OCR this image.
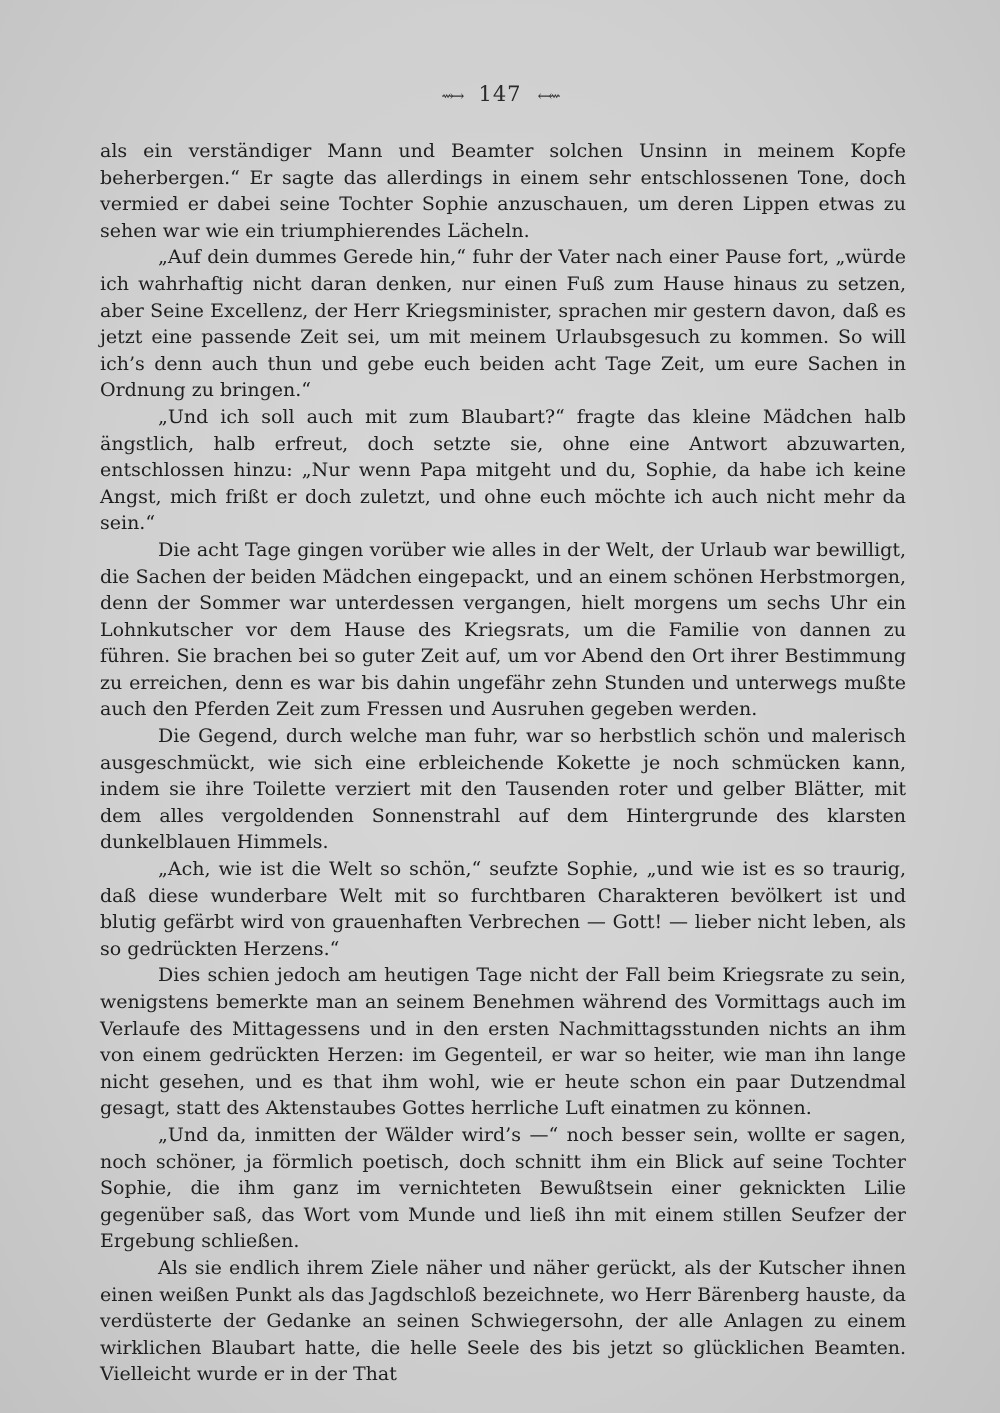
⇝→ 147 ←⇜

als ein verständiger Mann und Beamter solchen Unsinn in meinem Kopfe beherbergen.“ Er sagte das allerdings in einem sehr entschlossenen Tone, doch vermied er dabei seine Tochter Sophie anzuschauen, um deren Lippen etwas zu sehen war wie ein triumphierendes Lächeln.

„Auf dein dummes Gerede hin,“ fuhr der Vater nach einer Pause fort, „würde ich wahrhaftig nicht daran denken, nur einen Fuß zum Hause hinaus zu setzen, aber Seine Excellenz, der Herr Kriegsminister, sprachen mir gestern davon, daß es jetzt eine passende Zeit sei, um mit meinem Urlaubsgesuch zu kommen. So will ich’s denn auch thun und gebe euch beiden acht Tage Zeit, um eure Sachen in Ordnung zu bringen.“

„Und ich soll auch mit zum Blaubart?“ fragte das kleine Mädchen halb ängstlich, halb erfreut, doch setzte sie, ohne eine Antwort abzuwarten, entschlossen hinzu: „Nur wenn Papa mitgeht und du, Sophie, da habe ich keine Angst, mich frißt er doch zuletzt, und ohne euch möchte ich auch nicht mehr da sein.“

Die acht Tage gingen vorüber wie alles in der Welt, der Urlaub war bewilligt, die Sachen der beiden Mädchen eingepackt, und an einem schönen Herbstmorgen, denn der Sommer war unterdessen vergangen, hielt morgens um sechs Uhr ein Lohnkutscher vor dem Hause des Kriegsrats, um die Familie von dannen zu führen. Sie brachen bei so guter Zeit auf, um vor Abend den Ort ihrer Bestimmung zu erreichen, denn es war bis dahin ungefähr zehn Stunden und unterwegs mußte auch den Pferden Zeit zum Fressen und Ausruhen gegeben werden.

Die Gegend, durch welche man fuhr, war so herbstlich schön und malerisch ausgeschmückt, wie sich eine erbleichende Kokette je noch schmücken kann, indem sie ihre Toilette verziert mit den Tausenden roter und gelber Blätter, mit dem alles vergoldenden Sonnenstrahl auf dem Hintergrunde des klarsten dunkelblauen Himmels.

„Ach, wie ist die Welt so schön,“ seufzte Sophie, „und wie ist es so traurig, daß diese wunderbare Welt mit so furchtbaren Charakteren bevölkert ist und blutig gefärbt wird von grauenhaften Verbrechen — Gott! — lieber nicht leben, als so gedrückten Herzens.“

Dies schien jedoch am heutigen Tage nicht der Fall beim Kriegsrate zu sein, wenigstens bemerkte man an seinem Benehmen während des Vormittags auch im Verlaufe des Mittagessens und in den ersten Nachmittagsstunden nichts an ihm von einem gedrückten Herzen: im Gegenteil, er war so heiter, wie man ihn lange nicht gesehen, und es that ihm wohl, wie er heute schon ein paar Dutzendmal gesagt, statt des Aktenstaubes Gottes herrliche Luft einatmen zu können.

„Und da, inmitten der Wälder wird’s —“ noch besser sein, wollte er sagen, noch schöner, ja förmlich poetisch, doch schnitt ihm ein Blick auf seine Tochter Sophie, die ihm ganz im vernichteten Bewußtsein einer geknickten Lilie gegenüber saß, das Wort vom Munde und ließ ihn mit einem stillen Seufzer der Ergebung schließen.

Als sie endlich ihrem Ziele näher und näher gerückt, als der Kutscher ihnen einen weißen Punkt als das Jagdschloß bezeichnete, wo Herr Bärenberg hauste, da verdüsterte der Gedanke an seinen Schwiegersohn, der alle Anlagen zu einem wirklichen Blaubart hatte, die helle Seele des bis jetzt so glücklichen Beamten. Vielleicht wurde er in der That
